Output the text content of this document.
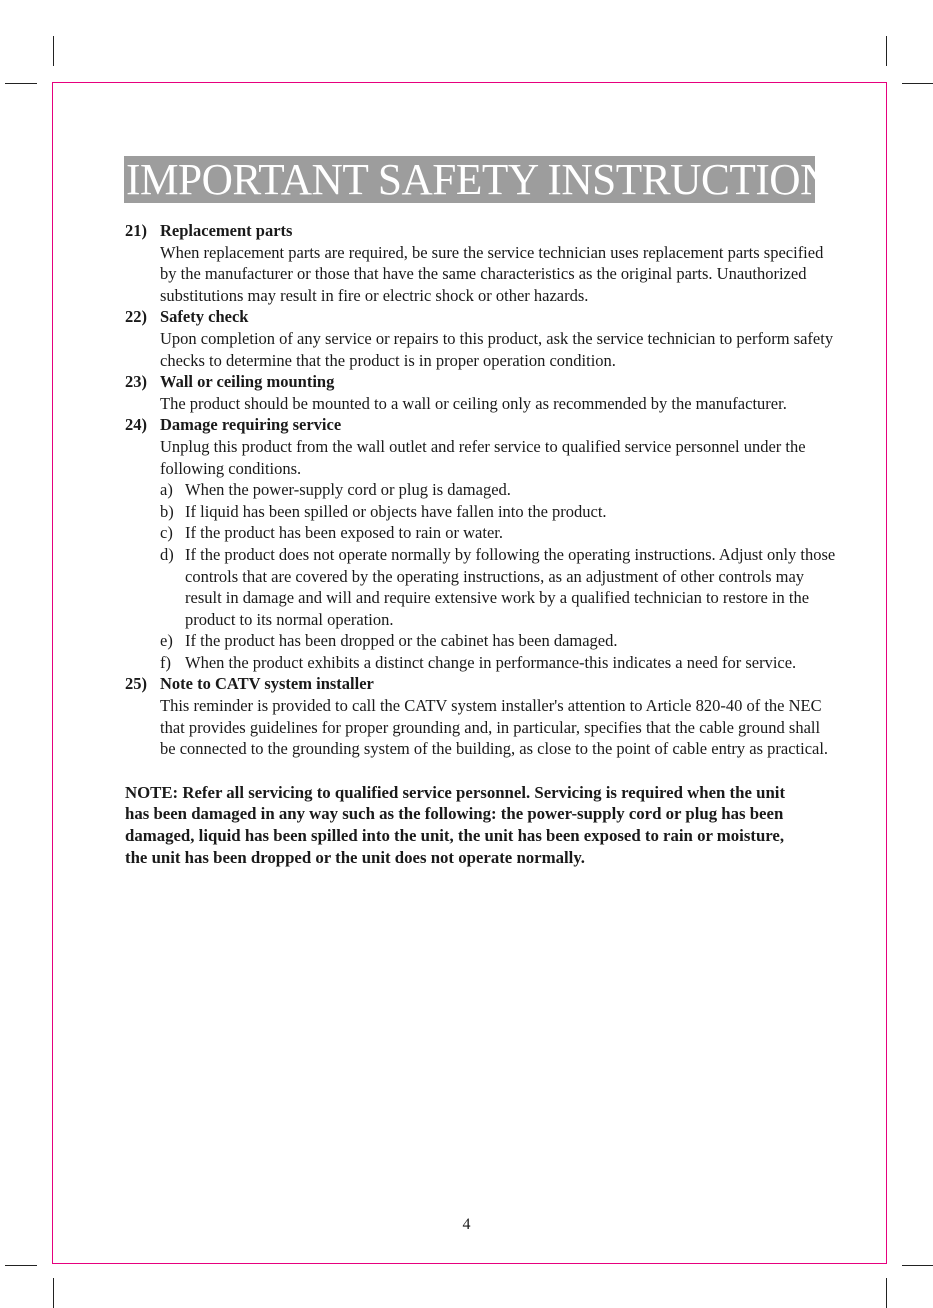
IMPORTANT SAFETY INSTRUCTION
21) Replacement parts
When replacement parts are required, be sure the service technician uses replacement parts specified by the manufacturer or those that have the same characteristics as the original parts. Unauthorized substitutions may result in fire or electric shock or other hazards.
22) Safety check
Upon completion of any service or repairs to this product, ask the service technician to perform safety checks to determine that the product is in proper operation condition.
23) Wall or ceiling mounting
The product should be mounted to a wall or ceiling only as recommended by the manufacturer.
24) Damage requiring service
Unplug this product from the wall outlet and refer service to qualified service personnel under the following conditions.
a) When the power-supply cord or plug is damaged.
b) If liquid has been spilled or objects have fallen into the product.
c) If the product has been exposed to rain or water.
d) If the product does not operate normally by following the operating instructions. Adjust only those controls that are covered by the operating instructions, as an adjustment of other controls may result in damage and will and require extensive work by a qualified technician to restore in the product to its normal operation.
e) If the product has been dropped or the cabinet has been damaged.
f) When the product exhibits a distinct change in performance-this indicates a need for service.
25) Note to CATV system installer
This reminder is provided to call the CATV system installer's attention to Article 820-40 of the NEC that provides guidelines for proper grounding and, in particular, specifies that the cable ground shall be connected to the grounding system of the building, as close to the point of cable entry as practical.
NOTE: Refer all servicing to qualified service personnel. Servicing is required when the unit has been damaged in any way such as the following: the power-supply cord or plug has been damaged, liquid has been spilled into the unit, the unit has been exposed to rain or moisture, the unit has been dropped or the unit does not operate normally.
4
